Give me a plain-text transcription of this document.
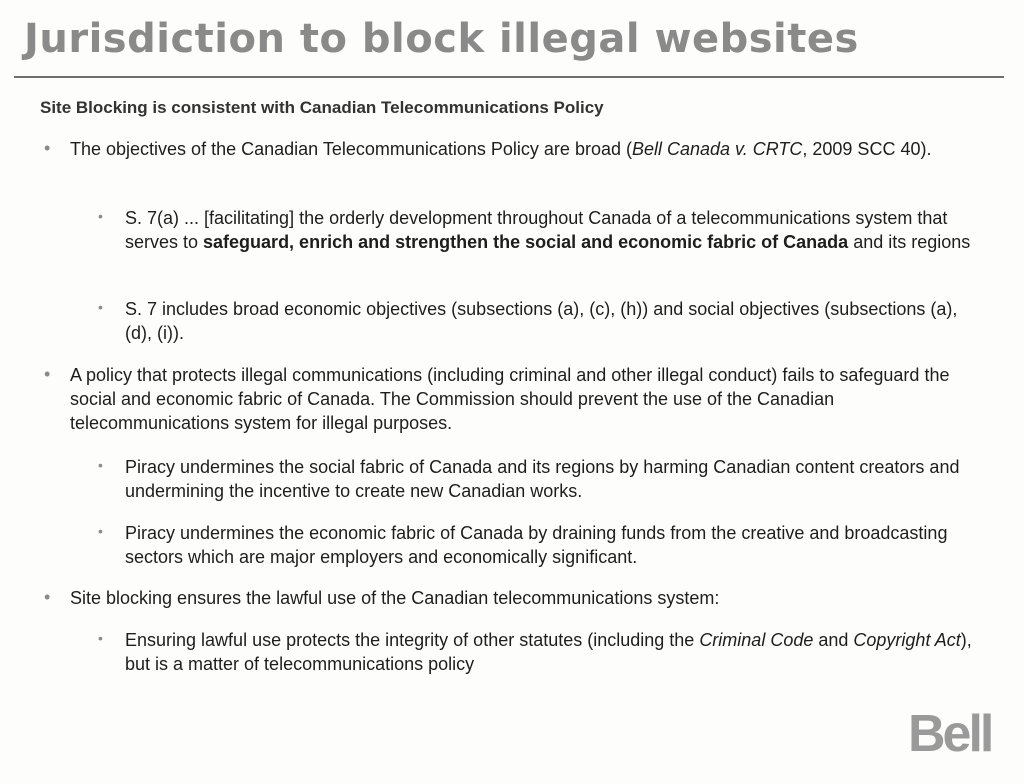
Jurisdiction to block illegal websites
Site Blocking is consistent with Canadian Telecommunications Policy
• The objectives of the Canadian Telecommunications Policy are broad (Bell Canada v. CRTC, 2009 SCC 40).
• S. 7(a) ... [facilitating] the orderly development throughout Canada of a telecommunications system that serves to safeguard, enrich and strengthen the social and economic fabric of Canada and its regions
• S. 7 includes broad economic objectives (subsections (a), (c), (h)) and social objectives (subsections (a), (d), (i)).
• A policy that protects illegal communications (including criminal and other illegal conduct) fails to safeguard the social and economic fabric of Canada. The Commission should prevent the use of the Canadian telecommunications system for illegal purposes.
• Piracy undermines the social fabric of Canada and its regions by harming Canadian content creators and undermining the incentive to create new Canadian works.
• Piracy undermines the economic fabric of Canada by draining funds from the creative and broadcasting sectors which are major employers and economically significant.
• Site blocking ensures the lawful use of the Canadian telecommunications system:
• Ensuring lawful use protects the integrity of other statutes (including the Criminal Code and Copyright Act), but is a matter of telecommunications policy
Bell
